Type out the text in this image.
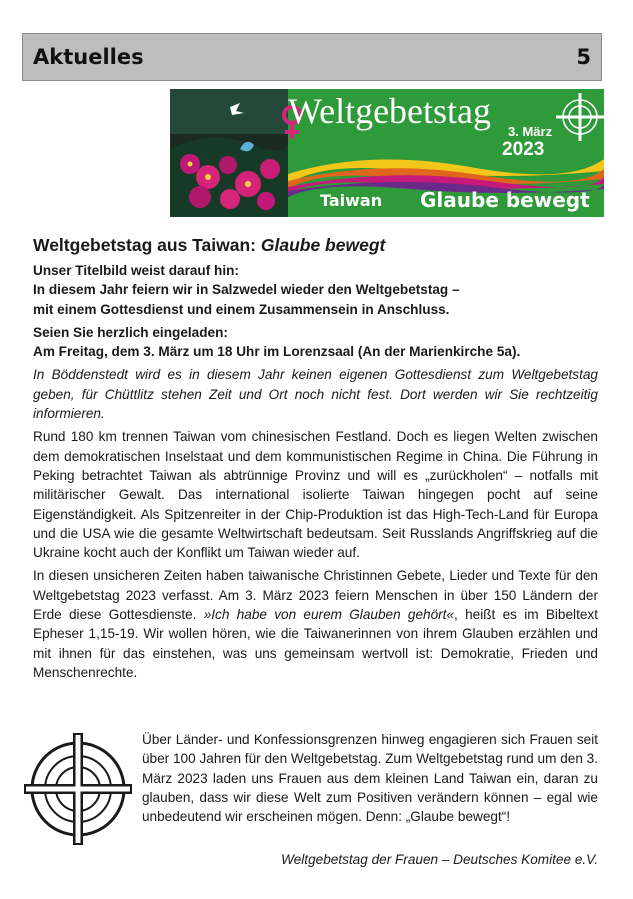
Aktuelles	5
Weltgebetstag
3. März
2023
Taiwan Glaube bewegt
Weltgebetstag aus Taiwan: Glaube bewegt

Unser Titelbild weist darauf hin:

In diesem Jahr feiern wir in Salzwedel wieder den Weltgebetstag –

mit einem Gottesdienst und einem Zusammensein in Anschluss.

Seien Sie herzlich eingeladen:

Am Freitag, dem 3. März um 18 Uhr im Lorenzsaal (An der Marienkirche 5a).

In Böddenstedt wird es in diesem Jahr keinen eigenen Gottesdienst zum Weltgebetstag geben, für Chüttlitz stehen Zeit und Ort noch nicht fest. Dort werden wir Sie rechtzeitig informieren.

Rund 180 km trennen Taiwan vom chinesischen Festland. Doch es liegen Welten zwischen dem demokratischen Inselstaat und dem kommunistischen Regime in China. Die Führung in Peking betrachtet Taiwan als abtrünnige Provinz und will es „zurückholen“ – notfalls mit militärischer Gewalt. Das international isolierte Taiwan hingegen pocht auf seine Eigenständigkeit. Als Spitzenreiter in der Chip-Produktion ist das High-Tech-Land für Europa und die USA wie die gesamte Weltwirtschaft bedeutsam. Seit Russlands Angriffskrieg auf die Ukraine kocht auch der Konflikt um Taiwan wieder auf.

In diesen unsicheren Zeiten haben taiwanische Christinnen Gebete, Lieder und Texte für den Weltgebetstag 2023 verfasst. Am 3. März 2023 feiern Menschen in über 150 Ländern der Erde diese Gottesdienste. »Ich habe von eurem Glauben gehört«, heißt es im Bibeltext Epheser 1,15-19. Wir wollen hören, wie die Taiwanerinnen von ihrem Glauben erzählen und mit ihnen für das einstehen, was uns gemeinsam wertvoll ist: Demokratie, Frieden und Menschenrechte.

Über Länder- und Konfessionsgrenzen hinweg engagieren sich Frauen seit über 100 Jahren für den Weltgebetstag. Zum Weltgebetstag rund um den 3. März 2023 laden uns Frauen aus dem kleinen Land Taiwan ein, daran zu glauben, dass wir diese Welt zum Positiven verändern können – egal wie unbedeutend wir erscheinen mögen. Denn: „Glaube bewegt“!

Weltgebetstag der Frauen – Deutsches Komitee e.V.
